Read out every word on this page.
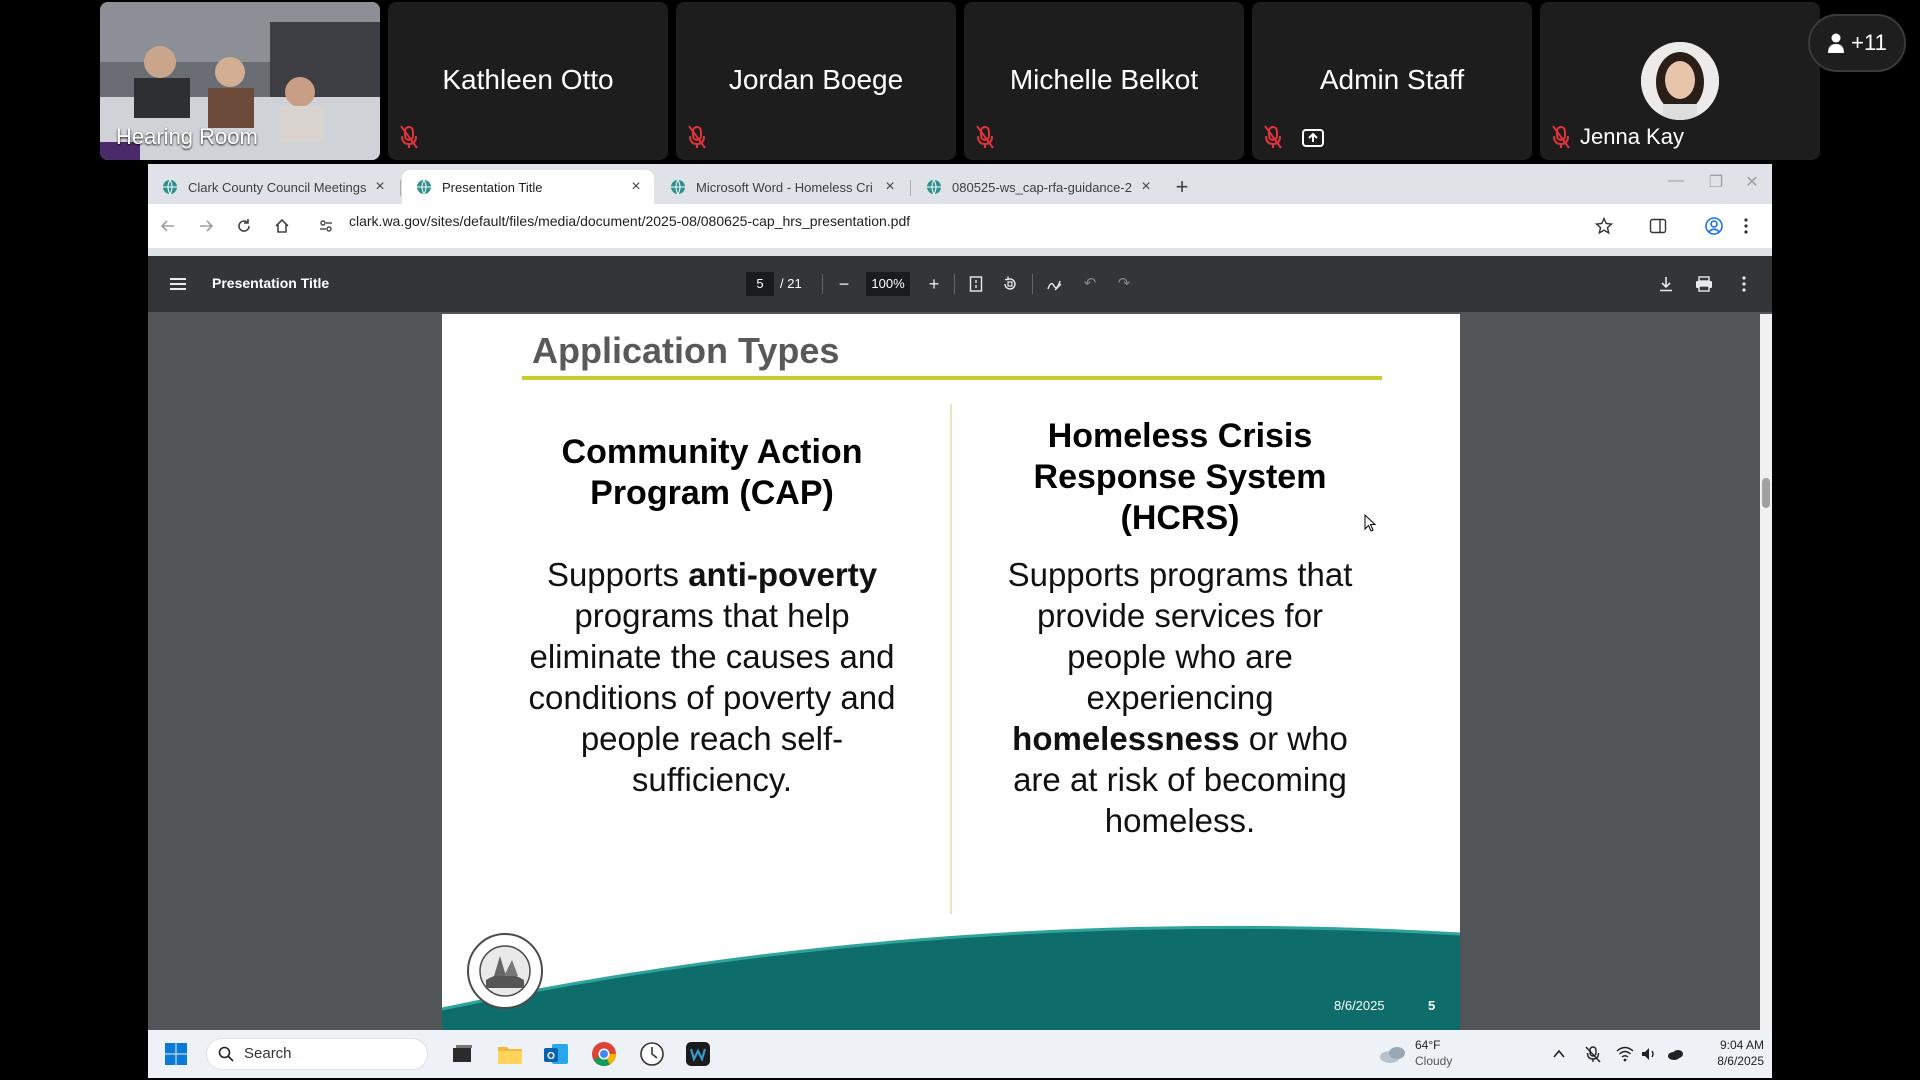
Hearing Room
Kathleen Otto	Jordan Boege	Michelle Belkot	Admin Staff
Jenna Kay
+11
Clark County Council Meetings ×	Presentation Title	×	Microsoft Word - Homeless Cri ×	080525-ws_cap-rfa-guidance-2 × +	—	❐	✕
clark.wa.gov/sites/default/files/media/document/2025-08/080625-cap_hrs_presentation.pdf
Presentation Title	5	/ 21 −	100% +	↶ ↷
Application Types
Community Action
Program (CAP)
Supports anti-poverty
programs that help
eliminate the causes and
conditions of poverty and
people reach self-
sufficiency.
Homeless Crisis
Response System
(HCRS)
Supports programs that
provide services for
people who are
experiencing
homelessness or who
are at risk of becoming
homeless.
8/6/2025	5
Search	O
64°F
Cloudy
9:04 AM
8/6/2025
